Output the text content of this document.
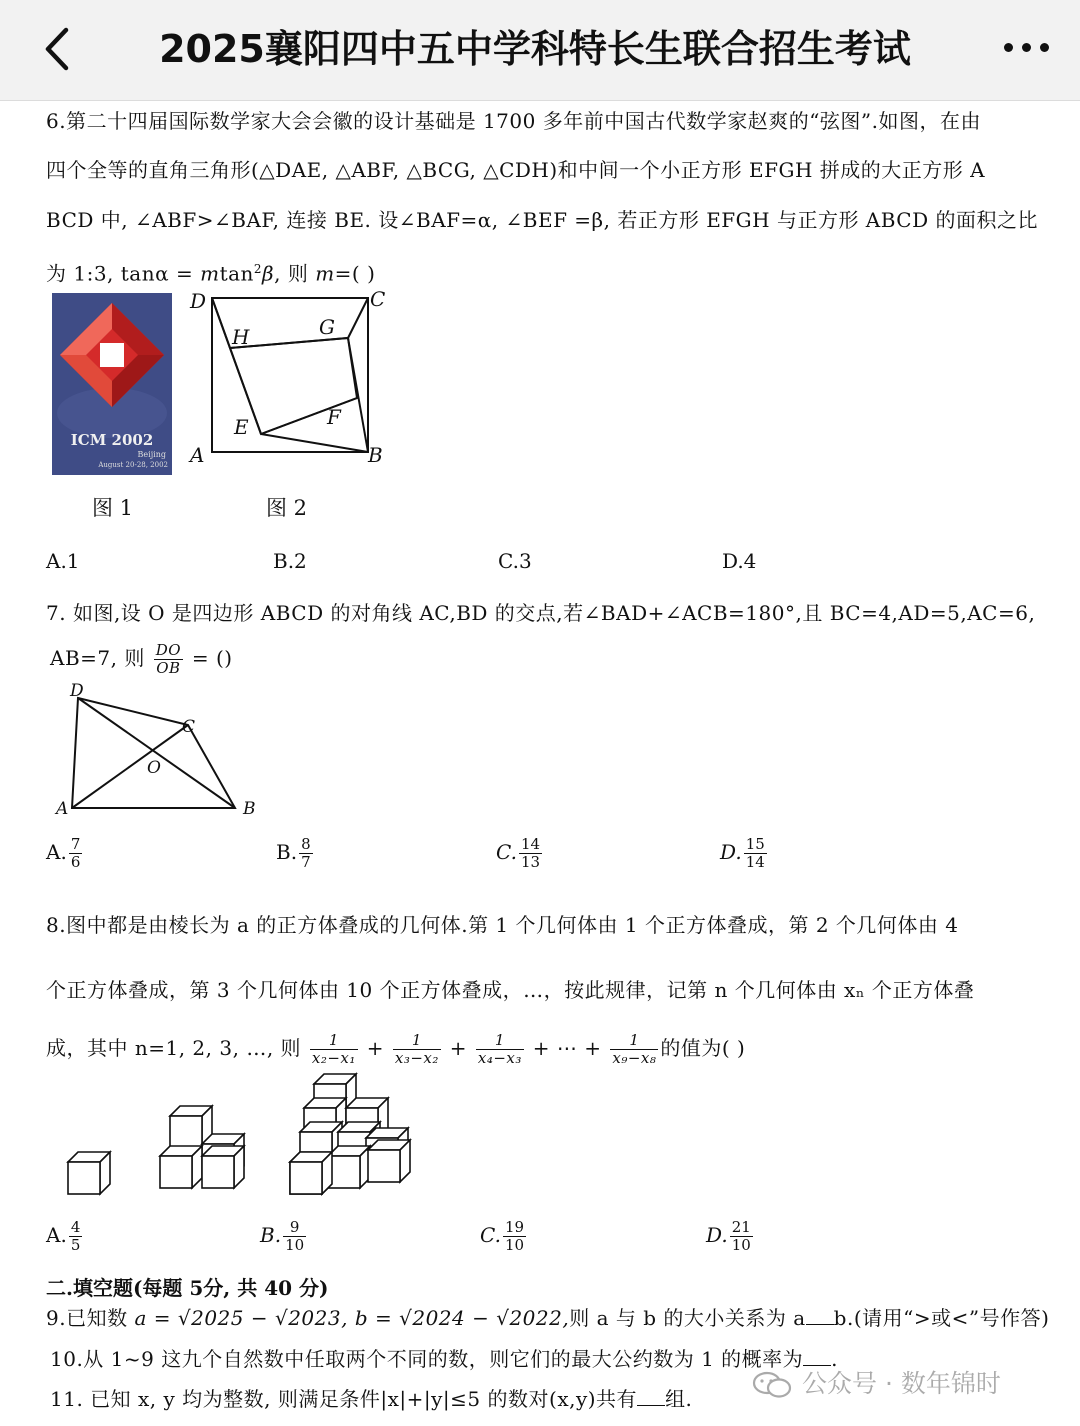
2025襄阳四中五中学科特长生联合招生考试
6.第二十四届国际数学家大会会徽的设计基础是 1700 多年前中国古代数学家赵爽的“弦图”.如图，在由
四个全等的直角三角形(△DAE, △ABF, △BCG, △CDH)和中间一个小正方形 EFGH 拼成的大正方形 A
BCD 中, ∠ABF>∠BAF, 连接 BE. 设∠BAF=α, ∠BEF =β, 若正方形 EFGH 与正方形 ABCD 的面积之比
为 1:3, tanα = mtan$^2$β, 则 m=( )
ICM 2002
Beijing
August 20-28, 2002
D	C
A	B
H	G
E	F
图 1	图 2
A.1	B.2	C.3	D.4
7. 如图,设 O 是四边形 ABCD 的对角线 AC,BD 的交点,若∠BAD+∠ACB=180°,且 BC=4,AD=5,AC=6,
AB=7, 则 $\frac{DO}{OB}$ = ()
D
C
O
A	B
A. $\frac{7}{6}$	B. $\frac{8}{7}$	C. $\frac{14}{13}$	D. $\frac{15}{14}$
8.图中都是由棱长为 a 的正方体叠成的几何体.第 1 个几何体由 1 个正方体叠成，第 2 个几何体由 4
个正方体叠成，第 3 个几何体由 10 个正方体叠成，…，按此规律，记第 n 个几何体由 xₙ 个正方体叠
成，其中 n=1, 2, 3, …, 则 $\frac{1}{\text{x₂−x₁}} + \frac{1}{\text{x₃−x₂}} + \frac{1}{\text{x₄−x₃}}$ + ⋯ + $\frac{1}{\text{x₉−x₈}}$ 的值为( )
A. $\frac{4}{5}$	B. $\frac{9}{10}$	C. $\frac{19}{10}$	D. $\frac{21}{10}$
二.填空题(每题 5分, 共 40 分)
9.已知数 a = √2025 − √2023, b = √2024 − √2022,则 a 与 b 的大小关系为 a b.(请用“>或<”号作答)
10.从 1~9 这九个自然数中任取两个不同的数，则它们的最大公约数为 1 的概率为 .
11. 已知 x, y 均为整数, 则满足条件|x|+|y|≤5 的数对(x,y)共有 组.
公众号 · 数年锦时
